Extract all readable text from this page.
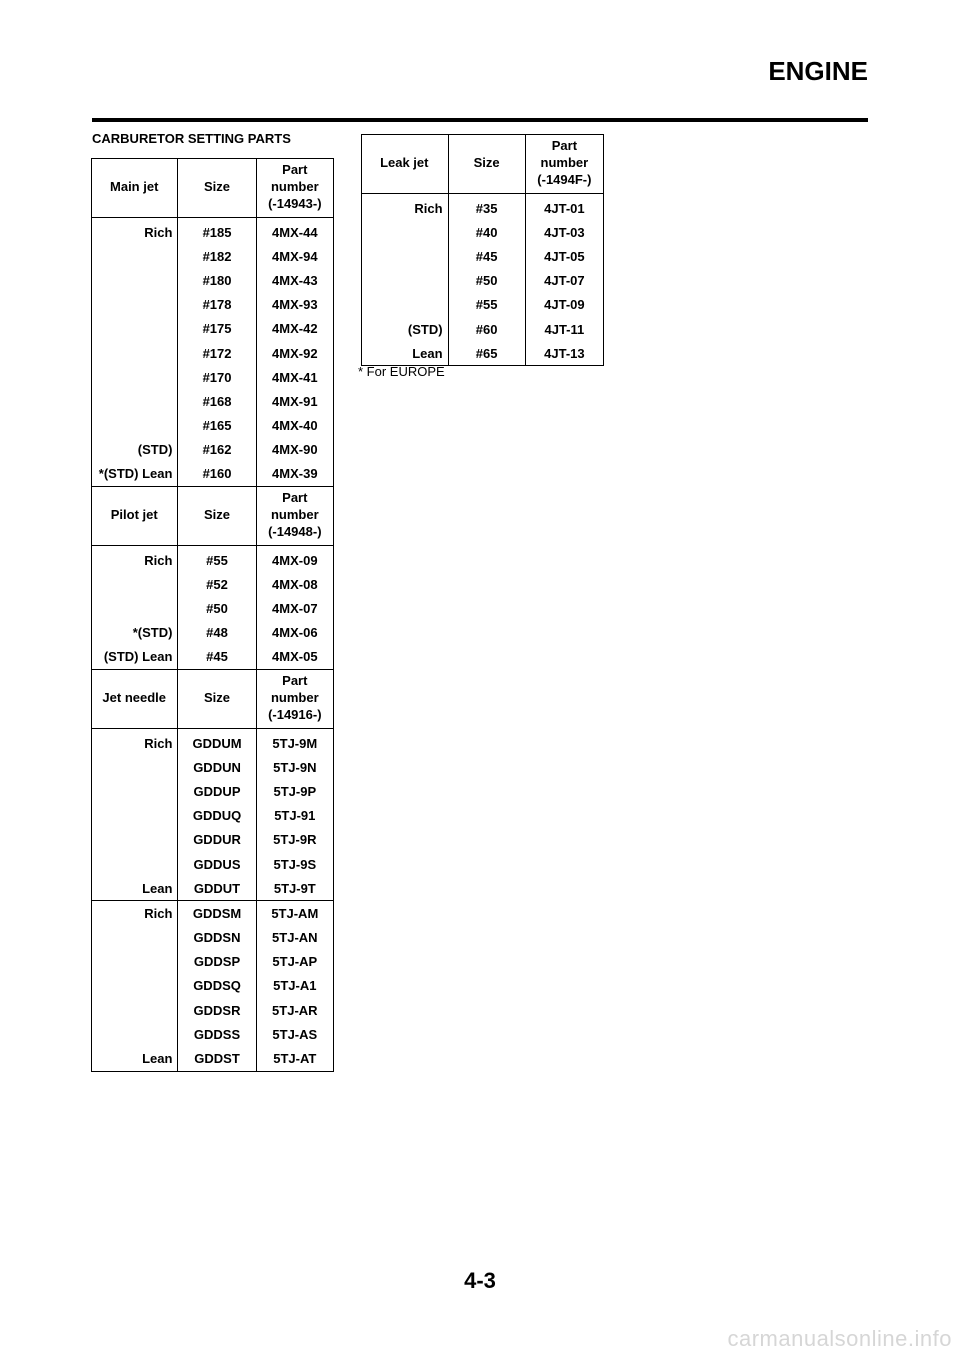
ENGINE
CARBURETOR SETTING PARTS
Main jet	Size	Part
number
(-14943-)
Rich	#185	4MX-44
	#182	4MX-94
	#180	4MX-43
	#178	4MX-93
	#175	4MX-42
	#172	4MX-92
	#170	4MX-41
	#168	4MX-91
	#165	4MX-40
(STD)	#162	4MX-90
*(STD) Lean	#160	4MX-39
Pilot jet	Size	Part
number
(-14948-)
Rich	#55	4MX-09
	#52	4MX-08
	#50	4MX-07
*(STD)	#48	4MX-06
(STD) Lean	#45	4MX-05
Jet needle	Size	Part
number
(-14916-)
Rich	GDDUM	5TJ-9M
	GDDUN	5TJ-9N
	GDDUP	5TJ-9P
	GDDUQ	5TJ-91
	GDDUR	5TJ-9R
	GDDUS	5TJ-9S
Lean	GDDUT	5TJ-9T
Rich	GDDSM	5TJ-AM
	GDDSN	5TJ-AN
	GDDSP	5TJ-AP
	GDDSQ	5TJ-A1
	GDDSR	5TJ-AR
	GDDSS	5TJ-AS
Lean	GDDST	5TJ-AT
Leak jet	Size	Part
number
(-1494F-)
Rich	#35	4JT-01
	#40	4JT-03
	#45	4JT-05
	#50	4JT-07
	#55	4JT-09
(STD)	#60	4JT-11
Lean	#65	4JT-13
* For EUROPE
4-3
carmanualsonline.info
